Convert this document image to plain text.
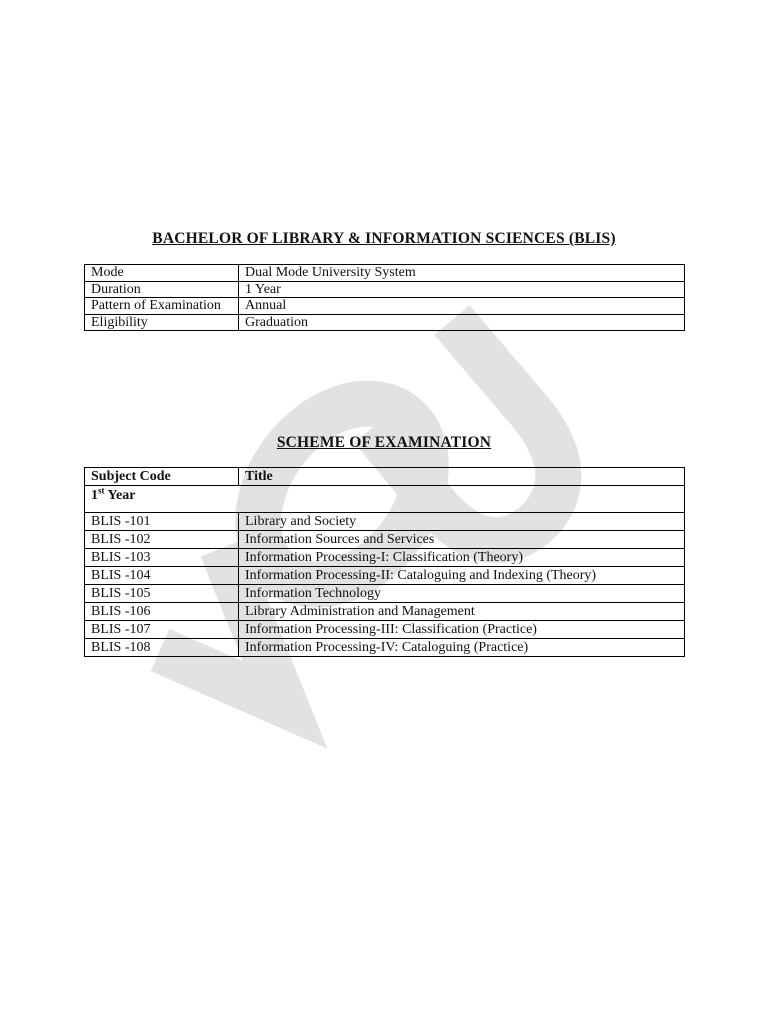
BACHELOR OF LIBRARY & INFORMATION SCIENCES (BLIS)
Mode	Dual Mode University System
Duration	1 Year
Pattern of Examination	Annual
Eligibility	Graduation
SCHEME OF EXAMINATION
Subject Code	Title
1st Year	
BLIS -101	Library and Society
BLIS -102	Information Sources and Services
BLIS -103	Information Processing-I: Classification (Theory)
BLIS -104	Information Processing-II: Cataloguing and Indexing (Theory)
BLIS -105	Information Technology
BLIS -106	Library Administration and Management
BLIS -107	Information Processing-III: Classification (Practice)
BLIS -108	Information Processing-IV: Cataloguing (Practice)
